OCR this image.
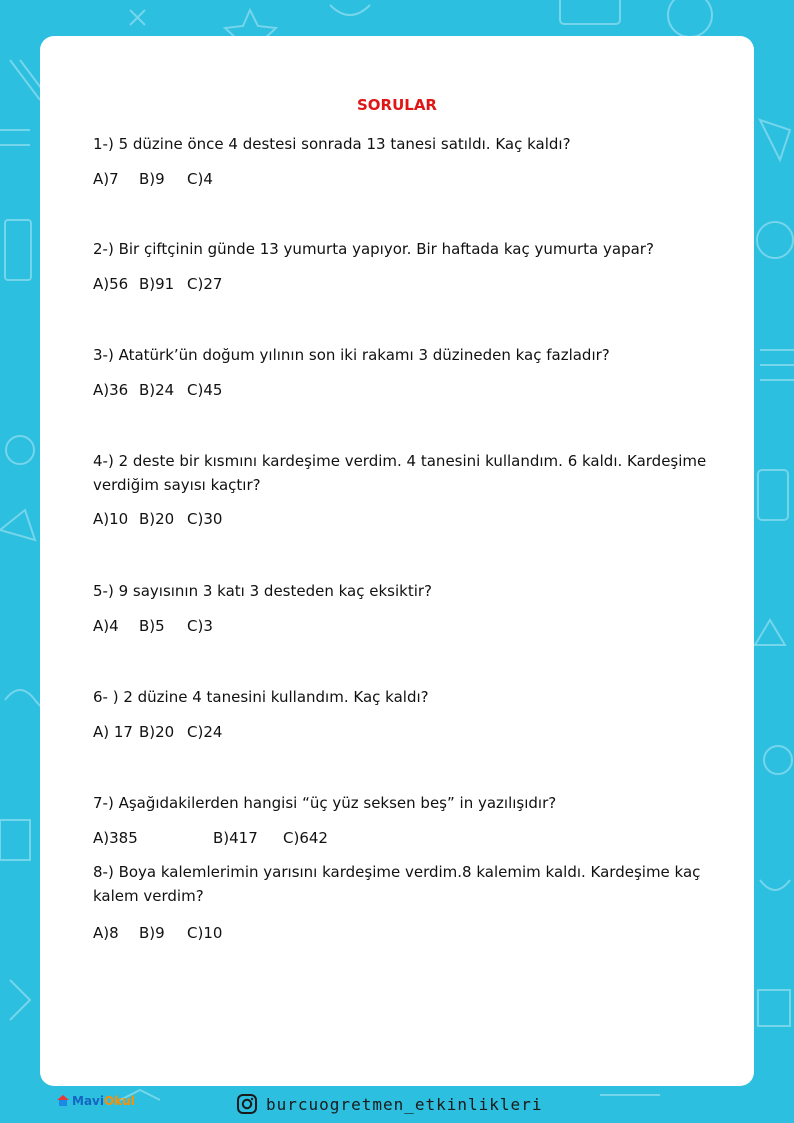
SORULAR

1-) 5 düzine önce 4 destesi sonrada 13 tanesi satıldı. Kaç kaldı?

A)7 B)9 C)4

2-) Bir çiftçinin günde 13 yumurta yapıyor. Bir haftada kaç yumurta yapar?

A)56 B)91 C)27

3-) Atatürk’ün doğum yılının son iki rakamı 3 düzineden kaç fazladır?

A)36 B)24 C)45

4-) 2 deste bir kısmını kardeşime verdim. 4 tanesini kullandım. 6 kaldı. Kardeşime verdiğim sayısı kaçtır?

A)10 B)20 C)30

5-) 9 sayısının 3 katı 3 desteden kaç eksiktir?

A)4 B)5 C)3

6- ) 2 düzine 4 tanesini kullandım. Kaç kaldı?

A) 17 B)20 C)24

7-) Aşağıdakilerden hangisi “üç yüz seksen beş” in yazılışıdır?

A)385	B)417 C)642

8-) Boya kalemlerimin yarısını kardeşime verdim.8 kalemim kaldı. Kardeşime kaç kalem verdim?

A)8 B)9 C)10
MaviOkul	burcuogretmen_etkinlikleri
